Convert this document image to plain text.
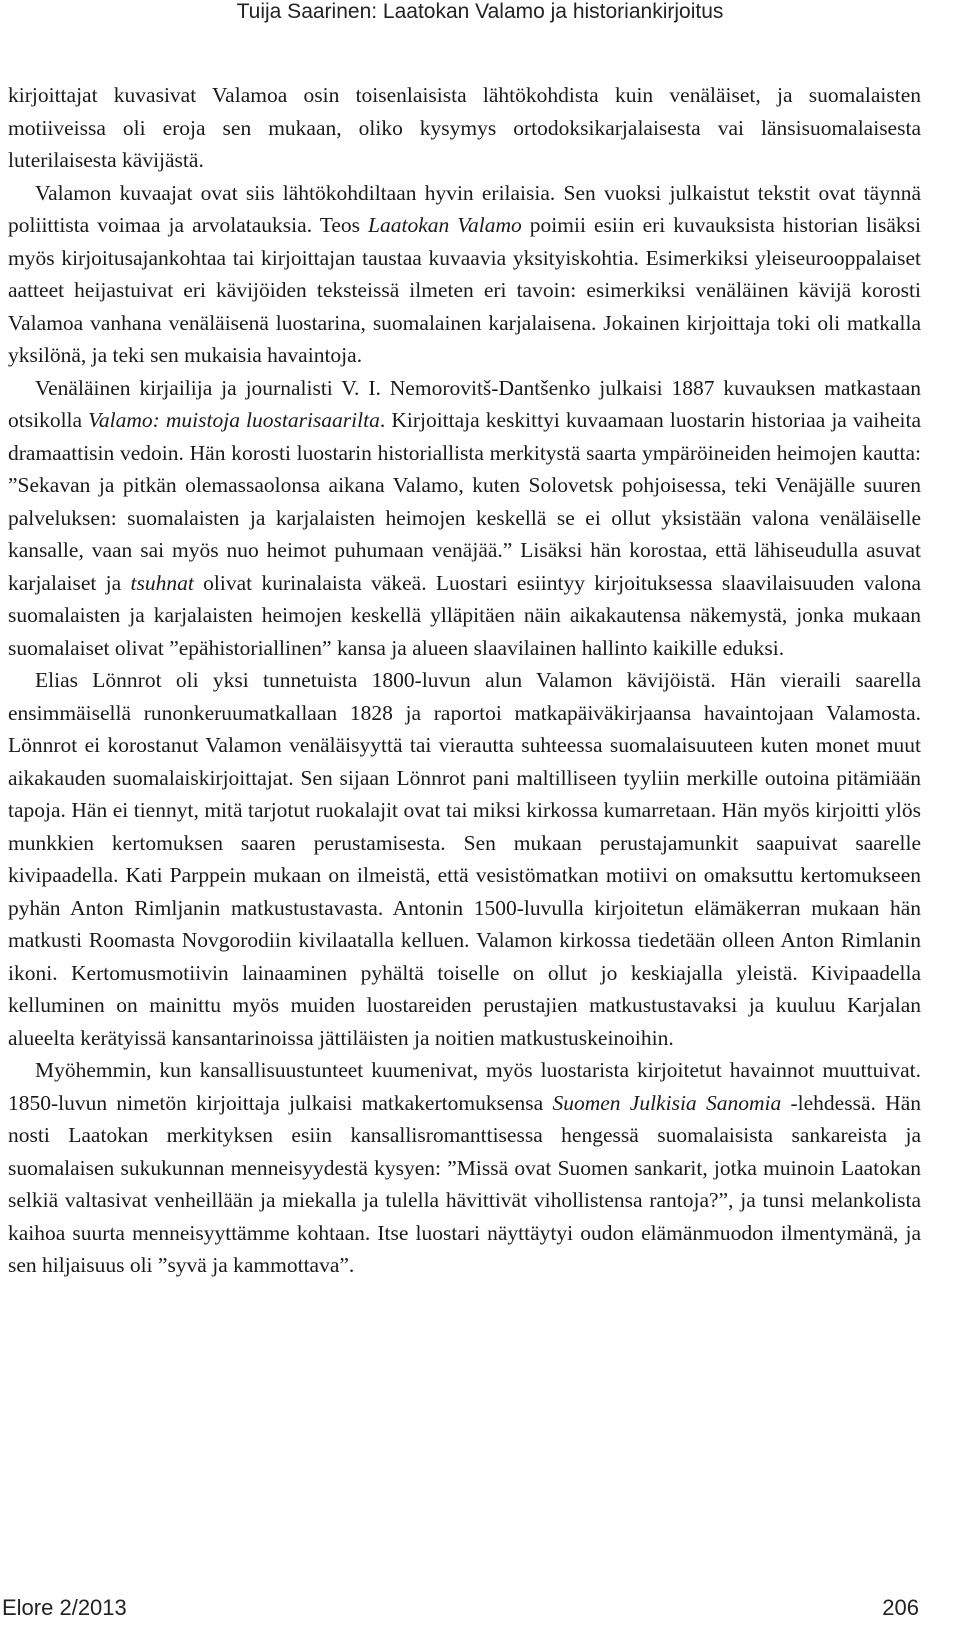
Tuija Saarinen: Laatokan Valamo ja historiankirjoitus

kirjoittajat kuvasivat Valamoa osin toisenlaisista lähtökohdista kuin venäläiset, ja suomalaisten motiiveissa oli eroja sen mukaan, oliko kysymys ortodoksikarjalaisesta vai länsisuomalaisesta luterilaisesta kävijästä.

Valamon kuvaajat ovat siis lähtökohdiltaan hyvin erilaisia. Sen vuoksi julkaistut tekstit ovat täynnä poliittista voimaa ja arvolatauksia. Teos Laatokan Valamo poimii esiin eri kuvauksista historian lisäksi myös kirjoitusajankohtaa tai kirjoittajan taustaa kuvaavia yksityiskohtia. Esimerkiksi yleiseurooppalaiset aatteet heijastuivat eri kävijöiden teksteissä ilmeten eri tavoin: esimerkiksi venäläinen kävijä korosti Valamoa vanhana venäläisenä luostarina, suomalainen karjalaisena. Jokainen kirjoittaja toki oli matkalla yksilönä, ja teki sen mukaisia havaintoja.

Venäläinen kirjailija ja journalisti V. I. Nemorovitš-Dantšenko julkaisi 1887 kuvauksen matkastaan otsikolla Valamo: muistoja luostarisaarilta. Kirjoittaja keskittyi kuvaamaan luostarin historiaa ja vaiheita dramaattisin vedoin. Hän korosti luostarin historiallista merkitystä saarta ympäröineiden heimojen kautta: ”Sekavan ja pitkän olemassaolonsa aikana Valamo, kuten Solovetsk pohjoisessa, teki Venäjälle suuren palveluksen: suomalaisten ja karjalaisten heimojen keskellä se ei ollut yksistään valona venäläiselle kansalle, vaan sai myös nuo heimot puhumaan venäjää.” Lisäksi hän korostaa, että lähiseudulla asuvat karjalaiset ja tsuhnat olivat kurinalaista väkeä. Luostari esiintyy kirjoituksessa slaavilaisuuden valona suomalaisten ja karjalaisten heimojen keskellä ylläpitäen näin aikakautensa näkemystä, jonka mukaan suomalaiset olivat ”epähistoriallinen” kansa ja alueen slaavilainen hallinto kaikille eduksi.

Elias Lönnrot oli yksi tunnetuista 1800-luvun alun Valamon kävijöistä. Hän vieraili saarella ensimmäisellä runonkeruumatkallaan 1828 ja raportoi matkapäiväkirjaansa havaintojaan Valamosta. Lönnrot ei korostanut Valamon venäläisyyttä tai vierautta suhteessa suomalaisuuteen kuten monet muut aikakauden suomalaiskirjoittajat. Sen sijaan Lönnrot pani maltilliseen tyyliin merkille outoina pitämiään tapoja. Hän ei tiennyt, mitä tarjotut ruokalajit ovat tai miksi kirkossa kumarretaan. Hän myös kirjoitti ylös munkkien kertomuksen saaren perustamisesta. Sen mukaan perustajamunkit saapuivat saarelle kivipaadella. Kati Parppein mukaan on ilmeistä, että vesistömatkan motiivi on omaksuttu kertomukseen pyhän Anton Rimljanin matkustustavasta. Antonin 1500-luvulla kirjoitetun elämäkerran mukaan hän matkusti Roomasta Novgorodiin kivilaatalla kelluen. Valamon kirkossa tiedetään olleen Anton Rimlanin ikoni. Kertomusmotiivin lainaaminen pyhältä toiselle on ollut jo keskiajalla yleistä. Kivipaadella kelluminen on mainittu myös muiden luostareiden perustajien matkustustavaksi ja kuuluu Karjalan alueelta kerätyissä kansantarinoissa jättiläisten ja noitien matkustuskeinoihin.

Myöhemmin, kun kansallisuustunteet kuumenivat, myös luostarista kirjoitetut havainnot muuttuivat. 1850-luvun nimetön kirjoittaja julkaisi matkakertomuksensa Suomen Julkisia Sanomia -lehdessä. Hän nosti Laatokan merkityksen esiin kansallisromanttisessa hengessä suomalaisista sankareista ja suomalaisen sukukunnan menneisyydestä kysyen: ”Missä ovat Suomen sankarit, jotka muinoin Laatokan selkiä valtasivat venheillään ja miekalla ja tulella hävittivät vihollistensa rantoja?”, ja tunsi melankolista kaihoa suurta menneisyyttämme kohtaan. Itse luostari näyttäytyi oudon elämänmuodon ilmentymänä, ja sen hiljaisuus oli ”syvä ja kammottava”.

Elore 2/2013	206
